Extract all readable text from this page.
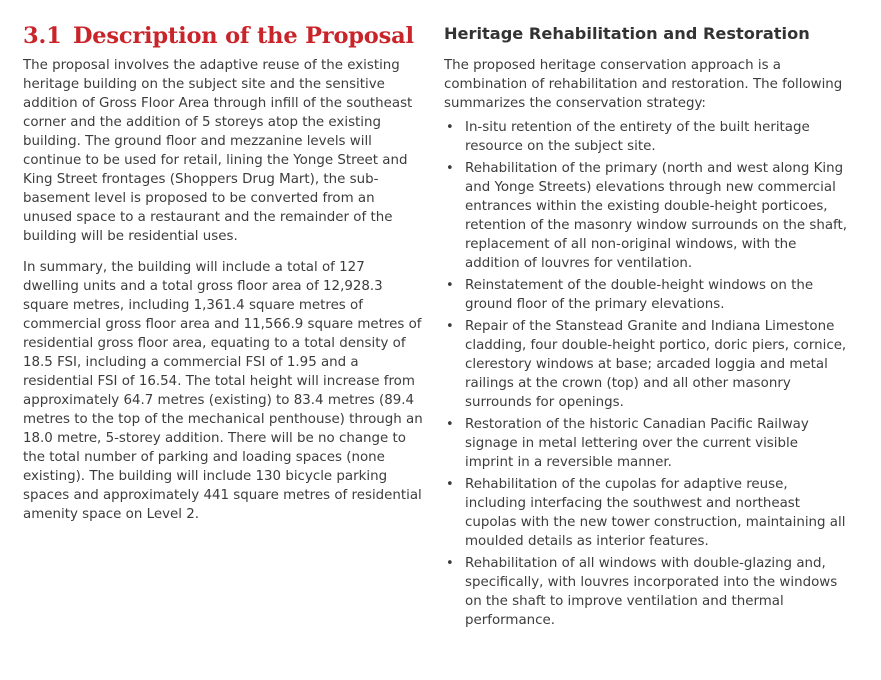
3.1 Description of the Proposal

The proposal involves the adaptive reuse of the existing heritage building on the subject site and the sensitive addition of Gross Floor Area through infill of the southeast corner and the addition of 5 storeys atop the existing building. The ground floor and mezzanine levels will continue to be used for retail, lining the Yonge Street and King Street frontages (Shoppers Drug Mart), the sub-basement level is proposed to be converted from an unused space to a restaurant and the remainder of the building will be residential uses.

In summary, the building will include a total of 127 dwelling units and a total gross floor area of 12,928.3 square metres, including 1,361.4 square metres of commercial gross floor area and 11,566.9 square metres of residential gross floor area, equating to a total density of 18.5 FSI, including a commercial FSI of 1.95 and a residential FSI of 16.54. The total height will increase from approximately 64.7 metres (existing) to 83.4 metres (89.4 metres to the top of the mechanical penthouse) through an 18.0 metre, 5-storey addition. There will be no change to the total number of parking and loading spaces (none existing). The building will include 130 bicycle parking spaces and approximately 441 square metres of residential amenity space on Level 2.

Heritage Rehabilitation and Restoration

The proposed heritage conservation approach is a combination of rehabilitation and restoration. The following summarizes the conservation strategy:

• In-situ retention of the entirety of the built heritage resource on the subject site.
• Rehabilitation of the primary (north and west along King and Yonge Streets) elevations through new commercial entrances within the existing double-height porticoes, retention of the masonry window surrounds on the shaft, replacement of all non-original windows, with the addition of louvres for ventilation.
• Reinstatement of the double-height windows on the ground floor of the primary elevations.
• Repair of the Stanstead Granite and Indiana Limestone cladding, four double-height portico, doric piers, cornice, clerestory windows at base; arcaded loggia and metal railings at the crown (top) and all other masonry surrounds for openings.
• Restoration of the historic Canadian Pacific Railway signage in metal lettering over the current visible imprint in a reversible manner.
• Rehabilitation of the cupolas for adaptive reuse, including interfacing the southwest and northeast cupolas with the new tower construction, maintaining all moulded details as interior features.
• Rehabilitation of all windows with double-glazing and, specifically, with louvres incorporated into the windows on the shaft to improve ventilation and thermal performance.
